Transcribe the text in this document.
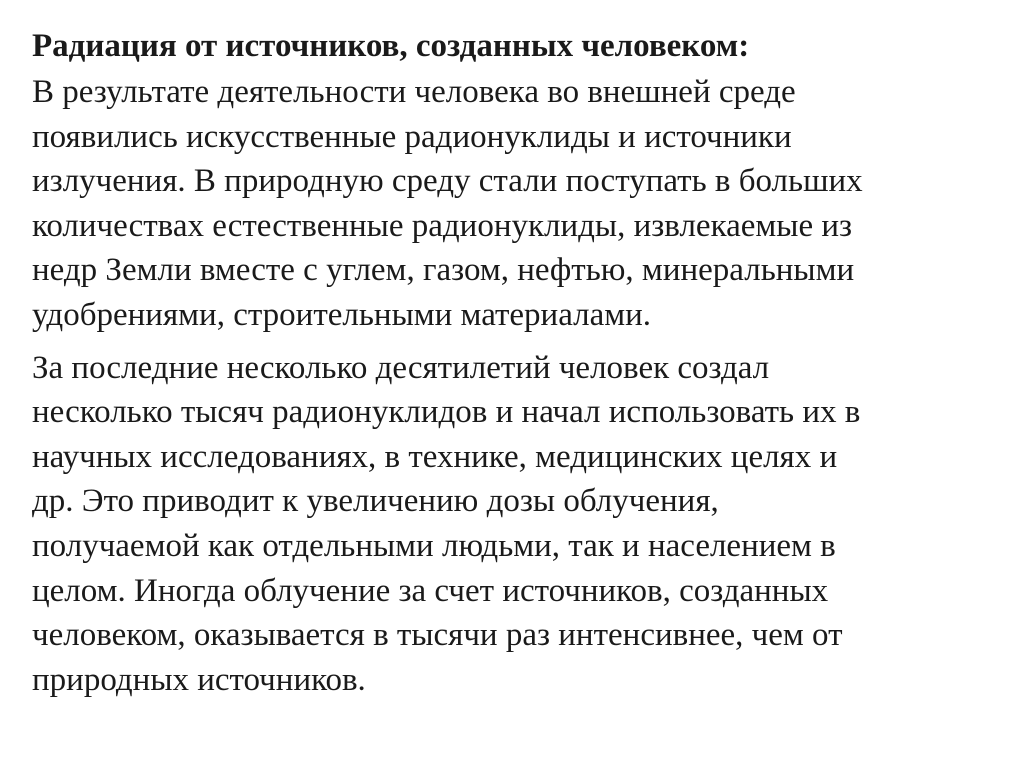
Радиация от источников, созданных человеком:
В результате деятельности человека во внешней среде
появились искусственные радионуклиды и источники
излучения. В природную среду стали поступать в больших
количествах естественные радионуклиды, извлекаемые из
недр Земли вместе с углем, газом, нефтью, минеральными
удобрениями, строительными материалами.
За последние несколько десятилетий человек создал
несколько тысяч радионуклидов и начал использовать их в
научных исследованиях, в технике, медицинских целях и
др. Это приводит к увеличению дозы облучения,
получаемой как отдельными людьми, так и населением в
целом. Иногда облучение за счет источников, созданных
человеком, оказывается в тысячи раз интенсивнее, чем от
природных источников.
